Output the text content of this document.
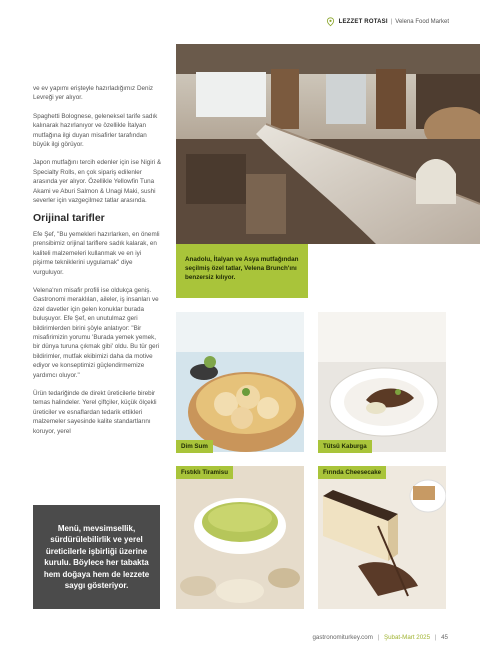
LEZZET ROTASI | Velena Food Market

ve ev yapımı erişteyle hazırladığımız Deniz Levreği yer alıyor.

Spaghetti Bolognese, geleneksel tarife sadık kalınarak hazırlanıyor ve özellikle İtalyan mutfağına ilgi duyan misafirler tarafından büyük ilgi görüyor.

Japon mutfağını tercih edenler için ise Nigiri & Specialty Rolls, en çok sipariş edilenler arasında yer alıyor. Özellikle Yellowfin Tuna Akami ve Aburi Salmon & Unagi Maki, sushi severler için vazgeçilmez tatlar arasında.

Orijinal tarifler

Efe Şef, "Bu yemekleri hazırlarken, en önemli prensibimiz orijinal tariflere sadık kalarak, en kaliteli malzemeleri kullanmak ve en iyi pişirme tekniklerini uygulamak" diye vurguluyor.

Velena'nın misafir profili ise oldukça geniş. Gastronomi meraklıları, aileler, iş insanları ve özel davetler için gelen konuklar burada buluşuyor. Efe Şef, en unutulmaz geri bildirimlerden birini şöyle anlatıyor: "Bir misafirimizin yorumu 'Burada yemek yemek, bir dünya turuna çıkmak gibi' oldu. Bu tür geri bildirimler, mutfak ekibimizi daha da motive ediyor ve konseptimizi güçlendirmemize yardımcı oluyor."

Ürün tedariğinde de direkt üreticilerle birebir temas halindeler. Yerel çiftçiler, küçük ölçekli üreticiler ve esnaflardan tedarik ettikleri malzemeler sayesinde kalite standartlarını koruyor, yerel

Menü, mevsimsellik, sürdürülebilirlik ve yerel üreticilerle işbirliği üzerine kurulu. Böylece her tabakta hem doğaya hem de lezzete saygı gösteriyor.
Anadolu, İtalyan ve Asya mutfağından seçilmiş özel tatlar, Velena Brunch'ını benzersiz kılıyor.
Dim Sum	Tütsü Kaburga
Fıstıklı Tiramisu	Fırında Cheesecake
gastronomiturkey.com | Şubat-Mart 2025 | 45
